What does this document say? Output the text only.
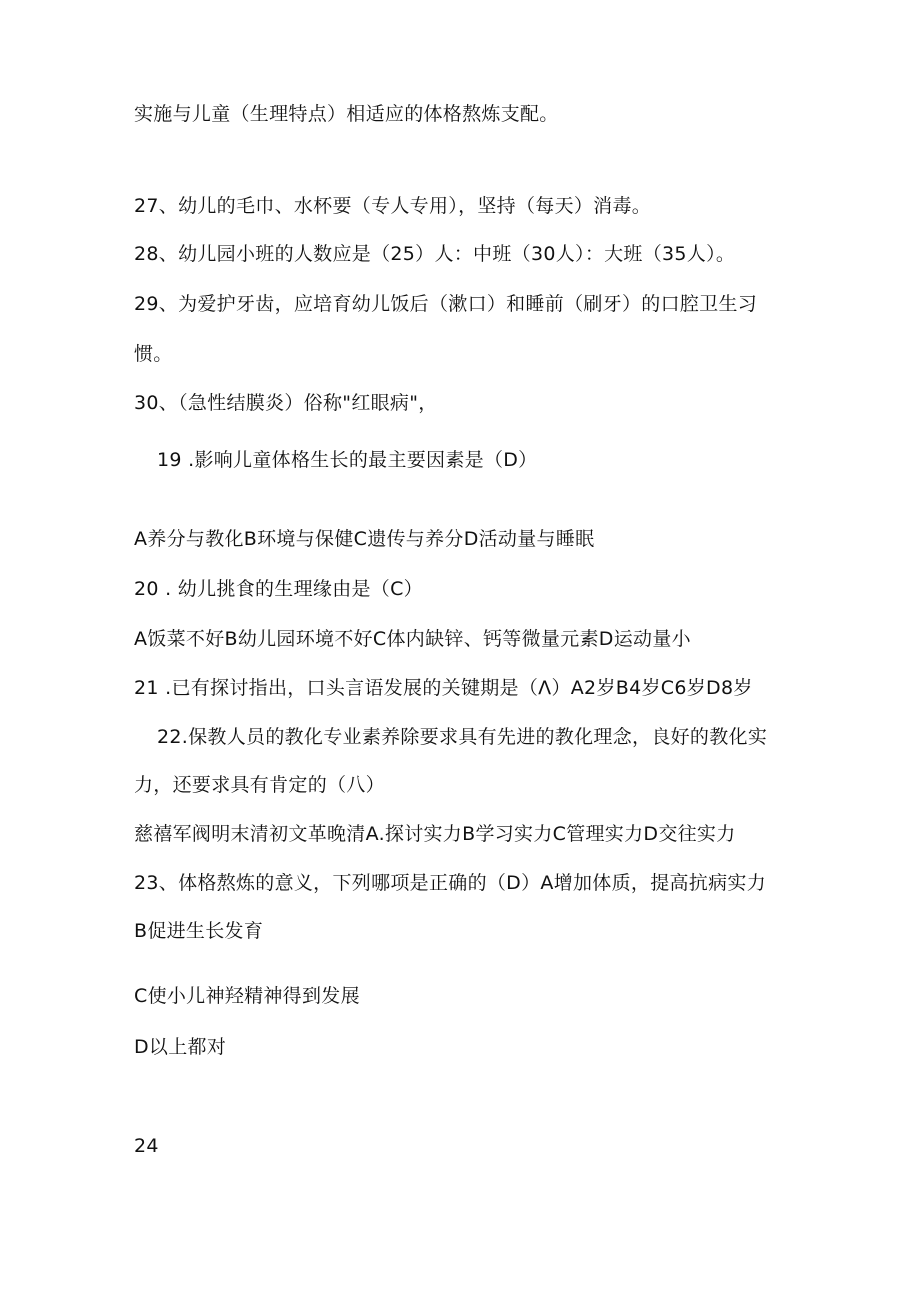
实施与儿童（生理特点）相适应的体格熬炼支配。
27、幼儿的毛巾、水杯要（专人专用），坚持（每天）消毒。
28、幼儿园小班的人数应是（25）人：中班（30人）：大班（35人）。
29、为爱护牙齿，应培育幼儿饭后（漱口）和睡前（刷牙）的口腔卫生习
惯。
30、（急性结膜炎）俗称"红眼病"，
19 .影响儿童体格生长的最主要因素是（D）
A养分与教化B环境与保健C遗传与养分D活动量与睡眠
20 . 幼儿挑食的生理缘由是（C）
A饭菜不好B幼儿园环境不好C体内缺锌、钙等微量元素D运动量小
21 .已有探讨指出，口头言语发展的关键期是（Λ）A2岁B4岁C6岁D8岁
22.保教人员的教化专业素养除要求具有先进的教化理念，良好的教化实
力，还要求具有肯定的（八）
慈禧军阀明末清初文革晚清A.探讨实力B学习实力C管理实力D交往实力
23、体格熬炼的意义，下列哪项是正确的（D）A增加体质，提高抗病实力
B促进生长发育
C使小儿神羟精神得到发展
D以上都对
24
